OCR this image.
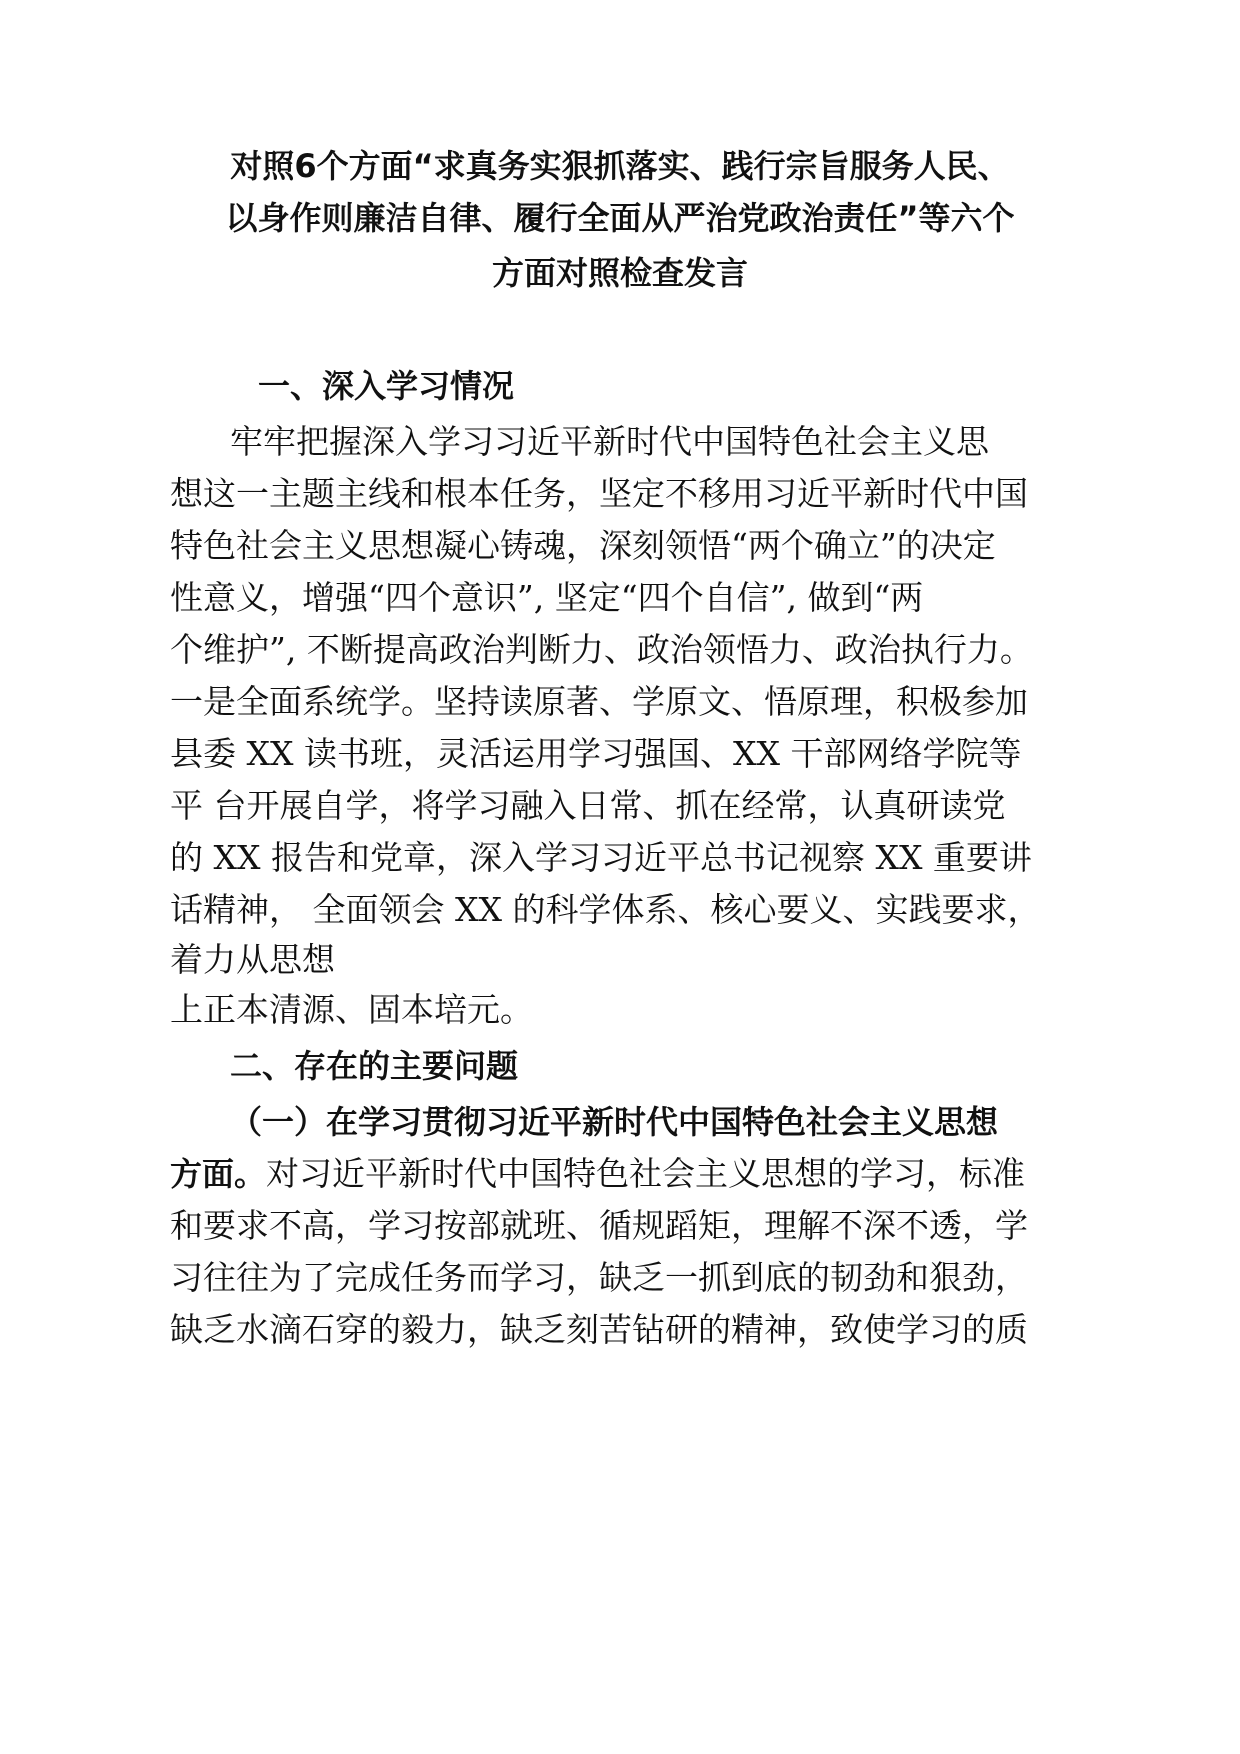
对照6个方面“求真务实狠抓落实、践行宗旨服务人民、
以身作则廉洁自律、履行全面从严治党政治责任”等六个
方面对照检查发言
一、深入学习情况
牢牢把握深入学习习近平新时代中国特色社会主义思
想这一主题主线和根本任务，坚定不移用习近平新时代中国
特色社会主义思想凝心铸魂，深刻领悟“两个确立”的决定
性意义，增强“四个意识”, 坚定“四个自信”, 做到“两
个维护”, 不断提高政治判断力、政治领悟力、政治执行力。
一是全面系统学。坚持读原著、学原文、悟原理，积极参加
县委 XX 读书班，灵活运用学习强国、XX 干部网络学院等
平 台开展自学，将学习融入日常、抓在经常，认真研读党
的 XX 报告和党章，深入学习习近平总书记视察 XX 重要讲
话精神， 全面领会 XX 的科学体系、核心要义、实践要求，
着力从思想
上正本清源、固本培元。
二、存在的主要问题
（一）在学习贯彻习近平新时代中国特色社会主义思想
方面。对习近平新时代中国特色社会主义思想的学习，标准
和要求不高，学习按部就班、循规蹈矩，理解不深不透，学
习往往为了完成任务而学习，缺乏一抓到底的韧劲和狠劲，
缺乏水滴石穿的毅力，缺乏刻苦钻研的精神，致使学习的质
